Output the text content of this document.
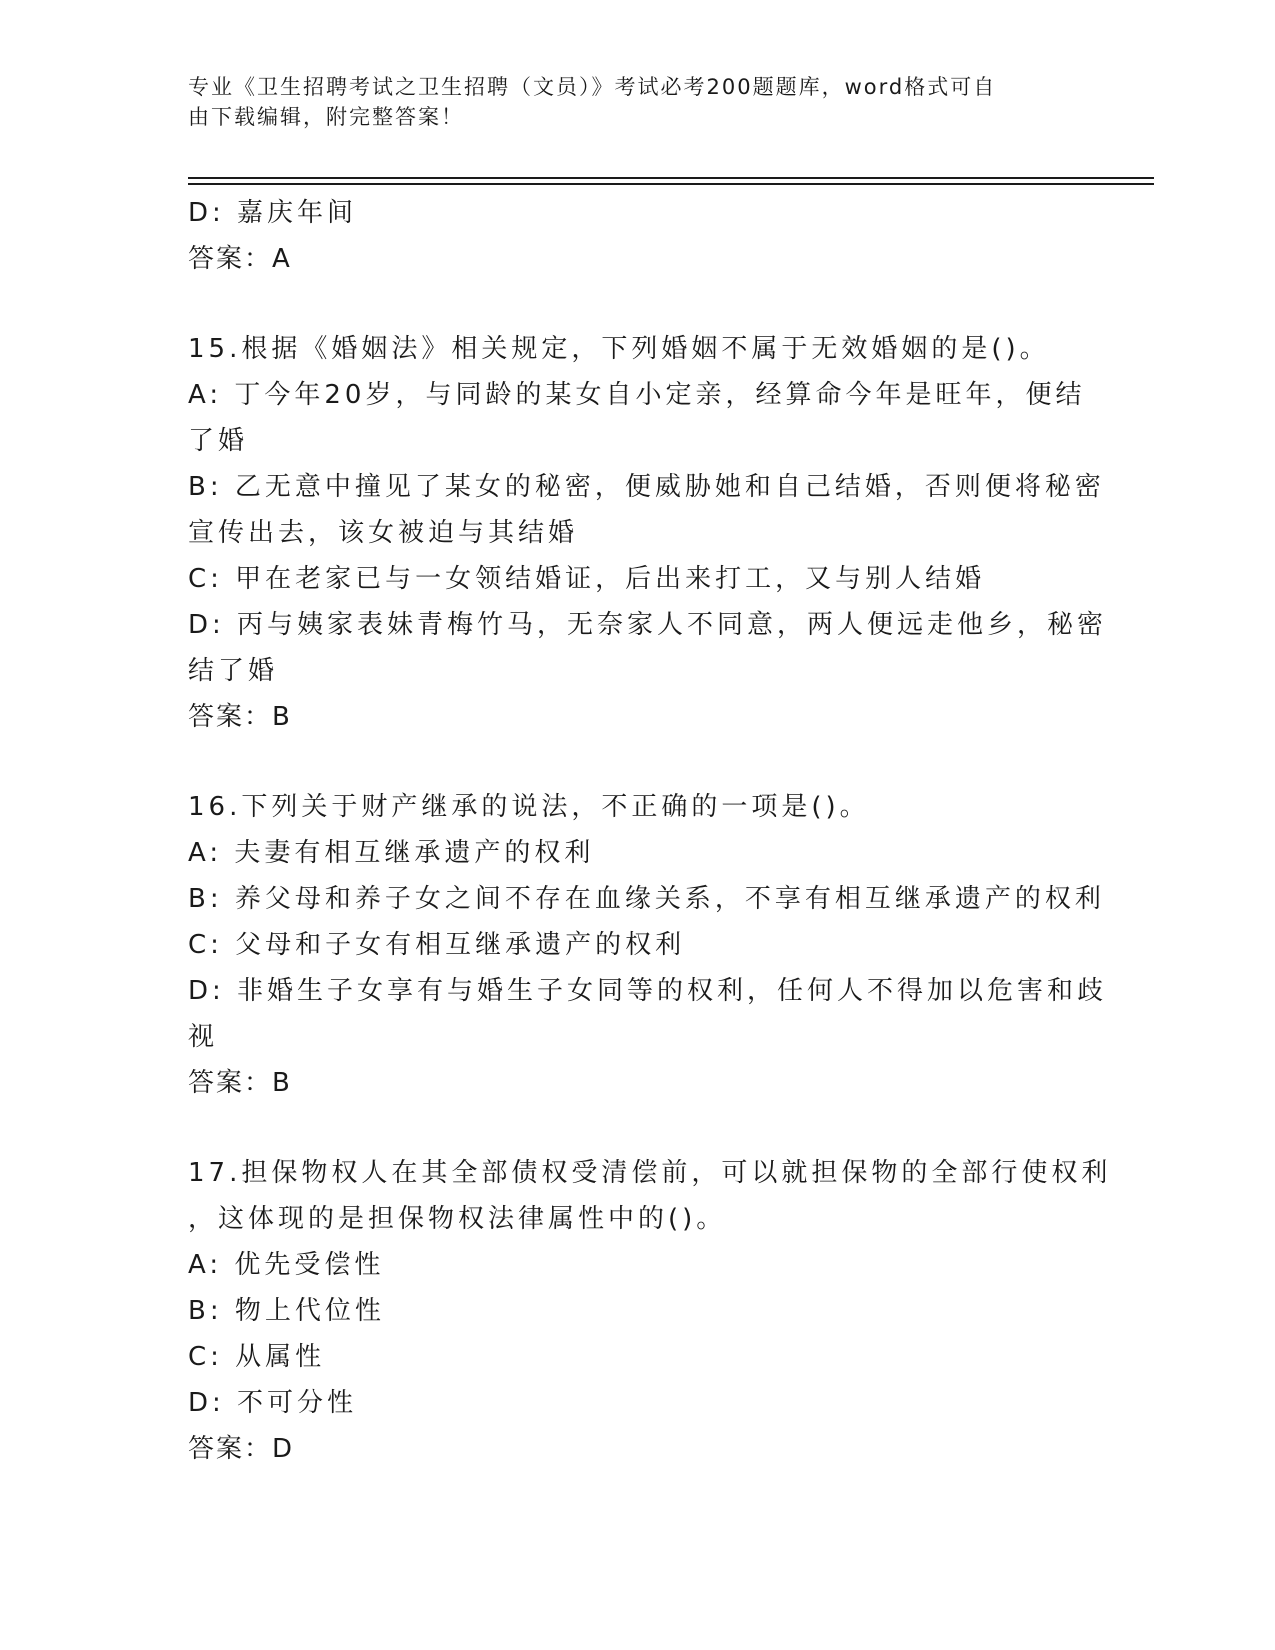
专业《卫生招聘考试之卫生招聘（文员）》考试必考200题题库，word格式可自
由下载编辑，附完整答案！
D: 嘉庆年间
答案：A
15.根据《婚姻法》相关规定，下列婚姻不属于无效婚姻的是()。
A: 丁今年20岁，与同龄的某女自小定亲，经算命今年是旺年，便结
了婚
B: 乙无意中撞见了某女的秘密，便威胁她和自己结婚，否则便将秘密
宣传出去，该女被迫与其结婚
C: 甲在老家已与一女领结婚证，后出来打工，又与别人结婚
D: 丙与姨家表妹青梅竹马，无奈家人不同意，两人便远走他乡，秘密
结了婚
答案：B
16.下列关于财产继承的说法，不正确的一项是()。
A: 夫妻有相互继承遗产的权利
B: 养父母和养子女之间不存在血缘关系，不享有相互继承遗产的权利
C: 父母和子女有相互继承遗产的权利
D: 非婚生子女享有与婚生子女同等的权利，任何人不得加以危害和歧
视
答案：B
17.担保物权人在其全部债权受清偿前，可以就担保物的全部行使权利
，这体现的是担保物权法律属性中的()。
A: 优先受偿性
B: 物上代位性
C: 从属性
D: 不可分性
答案：D
